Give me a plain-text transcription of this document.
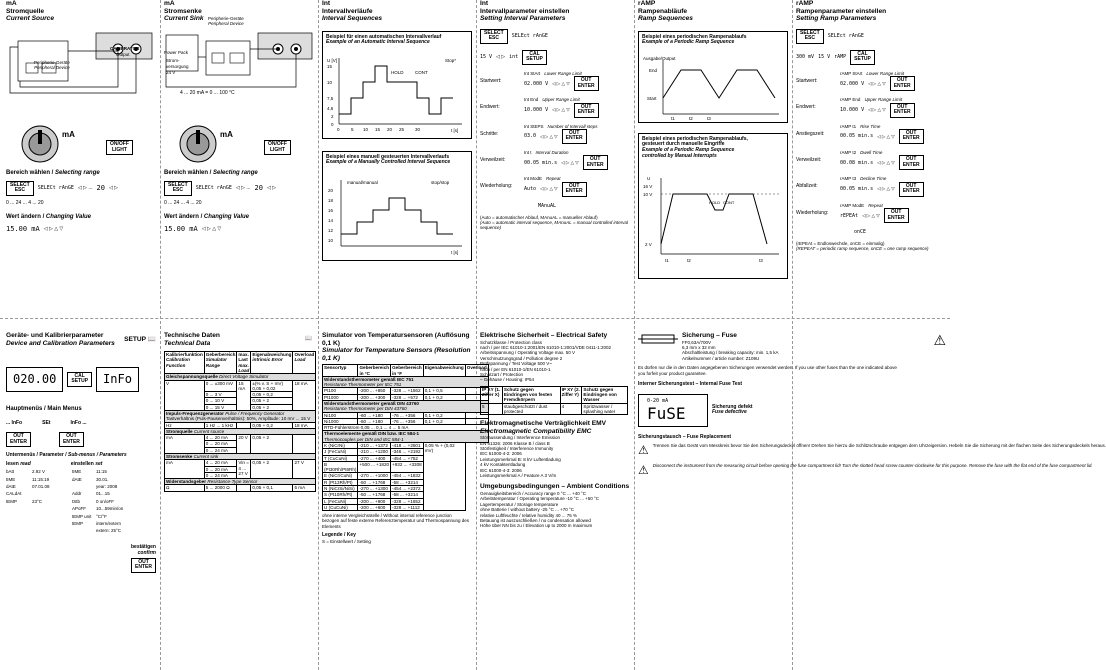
mA
Stromquelle
Current Source
Peripherie-Geräte
Peripheral Device
CALIBRATOR
Output
mA
ON/OFF
LIGHT
Bereich wählen / Selecting range
SELECT
ESC	SELECt rAnGE ◁ ▷ ... 20 ◁ ▷
0 ... 24 ... 4 ... 20
Wert ändern / Changing Value
15.00 mA ◁ ▷ △ ▽
mA
Stromsenke
Current Sink
Power Pack
Strom-
versorgung
24 V
Peripherie-Geräte
Peripheral Device
4 ... 20 mA = 0 ... 100 °C
mA
ON/OFF
LIGHT
Bereich wählen / Selecting range
SELECT
ESC	SELECt rAnGE ◁ ▷ ... 20 ◁ ▷
0 ... 24 ... 4 ... 20
Wert ändern / Changing Value
15.00 mA ◁ ▷ △ ▽
Int
Intervallverläufe
Interval Sequences
Beispiel für einen automatischen Intervallverlauf
Example of an Automatic Interval Sequence
HOLD	CONT
Stop*
U [V]
t [s]
15
10
7,5
4,6
2
0
0	5 10 15 20 25 30
Beispiel eines manuell gesteuerten Intervallverlaufs
Example of a Manually Controlled Interval Sequence
manual/manual	stop/stop
20
18
16
14
12
10
t [s]
Int
Intervallparameter einstellen
Setting Interval Parameters
SELECT
ESC	SELEct rAnGE
15 V ◁ ▷ int
CAL
SETUP
Startwert:
Int StArt Lower Range Limit
02.000 V ◁ ▷ △ ▽
OUT
ENTER
Endwert:
Int End Upper Range Limit
10.000 V ◁ ▷ △ ▽
OUT
ENTER
Schritte:
Int StEPS Number of Intervall steps
03.0 ◁ ▷ △ ▽
OUT
ENTER
Verweilzeit:
Int t Interval Duration
00.05 min.s ◁ ▷ △ ▽
OUT
ENTER
Wiederholung:
Int ModE Repeat
Auto ◁ ▷ △ ▽
OUT
ENTER
MAnuAL
(Auto = automatischer Ablauf, MAnuAL = manueller Ablauf)
(Auto = automatic interval sequence, MAnuAL = manual controlled interval sequence)
rAMP
Rampenabläufe
Ramp Sequences
Beispiel eines periodischen Rampenablaufs
Example of a Periodic Ramp Sequence
Ausgabe/Output
End
Start
t1	t2	t3
Beispiel eines periodischen Rampenablaufs,
gesteuert durch manuelle Eingriffe
Example of a Periodic Ramp Sequence
controlled by Manual Interrupts
U
16 V
10 V
2 V
HOLD CONT
t1	t2	t3
rAMP
Rampenparameter einstellen
Setting Ramp Parameters
SELECT
ESC	SELEct rAnGE
300 mV 15 V rAMP
CAL
SETUP
Startwert:
rAMP StArt Lower Range Limit
02.000 V ◁ ▷ △ ▽
OUT
ENTER
Endwert:
rAMP End Upper Range Limit
10.000 V ◁ ▷ △ ▽
OUT
ENTER
Anstiegszeit:
rAMP t1 Rise Time
00.05 min.s ◁ ▷ △ ▽
OUT
ENTER
Verweilzeit:
rAMP t2 Dwell Time
00.08 min.s ◁ ▷ △ ▽
OUT
ENTER
Abfallzeit:
rAMP t3 Decline Time
00.05 min.s ◁ ▷ △ ▽
OUT
ENTER
Wiederholung:
rAMP ModE Repeat
rEPEAt ◁ ▷ △ ▽
OUT
ENTER
onCE
(rEPEAt = Endloswechsle, onCE = einmalig)
(REPEAT = periodic ramp sequence, onCE = one ramp sequence)
Geräte- und Kalibrierparameter
Device and Calibration Parameters
SETUP 📖
020.00	CAL
SETUP	InFo
Hauptmenüs / Main Menus
... InFo	SEt	InFo ...
OUT
ENTER
OUT
ENTER
Untermenüs / Parameter / Sub-menus / Parameters
lesen read	einstellen set
bAtt	2.92 V	tIME	11:15
tIME	11:15:19	dAtE	30.01.
dAtE	07.01.08	year: 2008
CALdAt	Addr	01...15
tEMP	23°C	tStb	0 on/oFF
APoFF	10...59min/on
tEMP unit	°C/°F
tEMP	intern/extern
extern: 25°C
bestätigen
confirm
OUT
ENTER
Technische Daten
Technical Data
📖
Kalibrierfunktion Calibration Function	Geberbereich Simulator Range	max. Last max. Load	Eigenabweichung intrinsic Error	Overload Load
Gleichspannungsquelle Direct Voltage Simulator				
V	0 ... ±300 mV	15 mA	±(% v. S + mV)
0,05 + 0,02	18 mA
	0 ... 3 V		0,05 + 0,2	
	0 ... 10 V		0,05 + 2	
	0 ... 15 V		0,05 + 2	
Impuls-Frequenzgenerator Pulse / Frequency Generator
Tastverhältnis (Puls-Pausenverhältnis): 50%, Amplitude: 10 mV ... 15 V				
Hz	1 Hz ... 1 kHz		0,05 + 0,2	18 mA
Stromquelle Current source				
mA	4 ... 20 mA	20 V	0,05 + 2	
	0 ... 20 mA			
	0 ... 24 mA			
Stromsenke Current sink				
mA	4 ... 20 mA	Vin = 4 ... 27 V	0,05 + 2	27 V
	0 ... 20 mA			
	0 ... 24 mA			
Widerstandsgeber Resistance-Type Sensor				
Ω	5 ... 2000 Ω		0,05 + 0,1	5 mA
Simulator von Temperatursensoren (Auflösung 0,1 K)
Simulator for Temperature Sensors (Resolution 0,1 K)
Sensortyp	Geberbereich in °C	Geberbereich in °F	Eigenabweichung	Overload
Widerstandsthermometer gemäß IEC 751
Resistance Thermometer per IEC 751				
Pt100	-200 ... +850	-328 ... +1562	0,1 + 0,5	
Pt1000	-200 ... +300	-328 ... +572	0,1 + 0,2	
Widerstandsthermometer gemäß DIN 43760
Resistance Thermometer per DIN 43760				
Ni100	-60 ... +180	-76 ... +356	0,1 + 0,2	
Ni1000	-60 ... +180	-76 ... +356	0,1 + 0,2	
RTD-Fühlerstrom 0,05 ... 0,1 ... 4 ... 5 mA				
Thermoelemente gemäß DIN bzw. IEC 584-1
Thermocouples per DIN and IEC 584-1				
K (NiCrNi)	-210 ... +1372	-418 ... +2501	0,05 % + (0,02 mV)	
J (FeCuNi)	-210 ... +1200	-346 ... +2192		
T (CuCuNi)	-270 ... +400	-454 ... +752		
B (Pt30Rh/Pt6Rh)	+500 ... +1820	+932 ... +3308		
E (NiCr/CuNi)	-270 ... +1000	-454 ... +1832		
R (Pt13Rh/Pt)	-50 ... +1768	-58 ... +3214		
N (NiCrSi/NiSi)	-270 ... +1300	-454 ... +2372		
S (Pt10Rh/Pt)	-50 ... +1768	-58 ... +3214		
L (FeCuNi)	-200 ... +900	-328 ... +1652		
U (CuCuNi)	-200 ... +600	-328 ... +1112		
ohne interne Vergleichsstelle / Without internal reference junction
bezogen auf feste externe Referenztemperatur und Thermospannung des Elements
Legende / Key
S = Einstellwert / Setting
Elektrische Sicherheit – Electrical Safety
Schutzklasse / Protection class
nach / per IEC 61010-1:2001/EN 61010-1:2001/VDE 0411-1:2002
Arbeitsspannung / Operating Voltage max. 50 V
Verschmutzungsgrad / Pollution degree 2
Prüfspannung / Test Voltage 500 V~
nach / per EN 61010-1/EN 61010-1
Schutzart / Protection
– Gehäuse / Housing: IP54
IP XY (1. Ziffer X)	Schutz gegen Eindringen von festen Fremdkörpern	IP XY (2. Ziffer Y)	Schutz gegen Eindringen von Wasser
5	staubgeschützt / dust protected	4	Spritzwasser / splashing water
Elektromagnetische Verträglichkeit EMV
Electromagnetic Compatibility EMC
Störaussendung / Interference Emission
EN 61326: 2006 Klasse B / class B
Störfestigkeit / Interference Immunity
IEC 61000-4-2: 2006
Leistungsmerkmal B: 8 kV Luftentladung
4 kV Kontaktentladung
IEC 61000-4-3: 2006
Leistungsmerkmal A / Feature A 3 V/m
Umgebungsbedingungen – Ambient Conditions
Genauigkeitsbereich / Accuracy range 0 °C ... +40 °C
Arbeitstemperatur / Operating temperature -10 °C ... +50 °C
Lagertemperatur / Storage temperature
ohne Batterie / without battery -25 °C ... +70 °C
relative Luftfeuchte / relative humidity 40 ... 75 %
Betauung ist auszuschließen / no condensation allowed
Höhe über NN bis zu / Elevation up to 2000 m maximum
Sicherung – Fuse
FF0,63A/700V
6,3 mm x 32 mm
Abschaltleistung / breaking capacity: min. 1,5 kA
Artikelnummer / article number: Z109U
⚠
Es dürfen nur die in den Daten angegebenen Sicherungen verwendet werden. If you use other fuses than the one indicated above you forfeit your product guarantee.
Interner Sicherungstest – Internal Fuse Test
0-20 mA
FuSE	Sicherung defekt
Fuse defective
Sicherungstausch – Fuse Replacement
⚠ Trennen Sie das Gerät vom Messkreis bevor Sie den Sicherungsdeckel öffnen! Drehen Sie hierzu die Schlitzschraube entgegen dem Uhrzeigersinn. Hebeln Sie die Sicherung mit der flachen Seite des Sicherungsdeckels heraus.
⚠ Disconnect the instrument from the measuring circuit before opening the fuse compartment lid! Turn the slotted head screw counter-clockwise for this purpose. Remove the fuse with the flat end of the fuse compartment lid.
